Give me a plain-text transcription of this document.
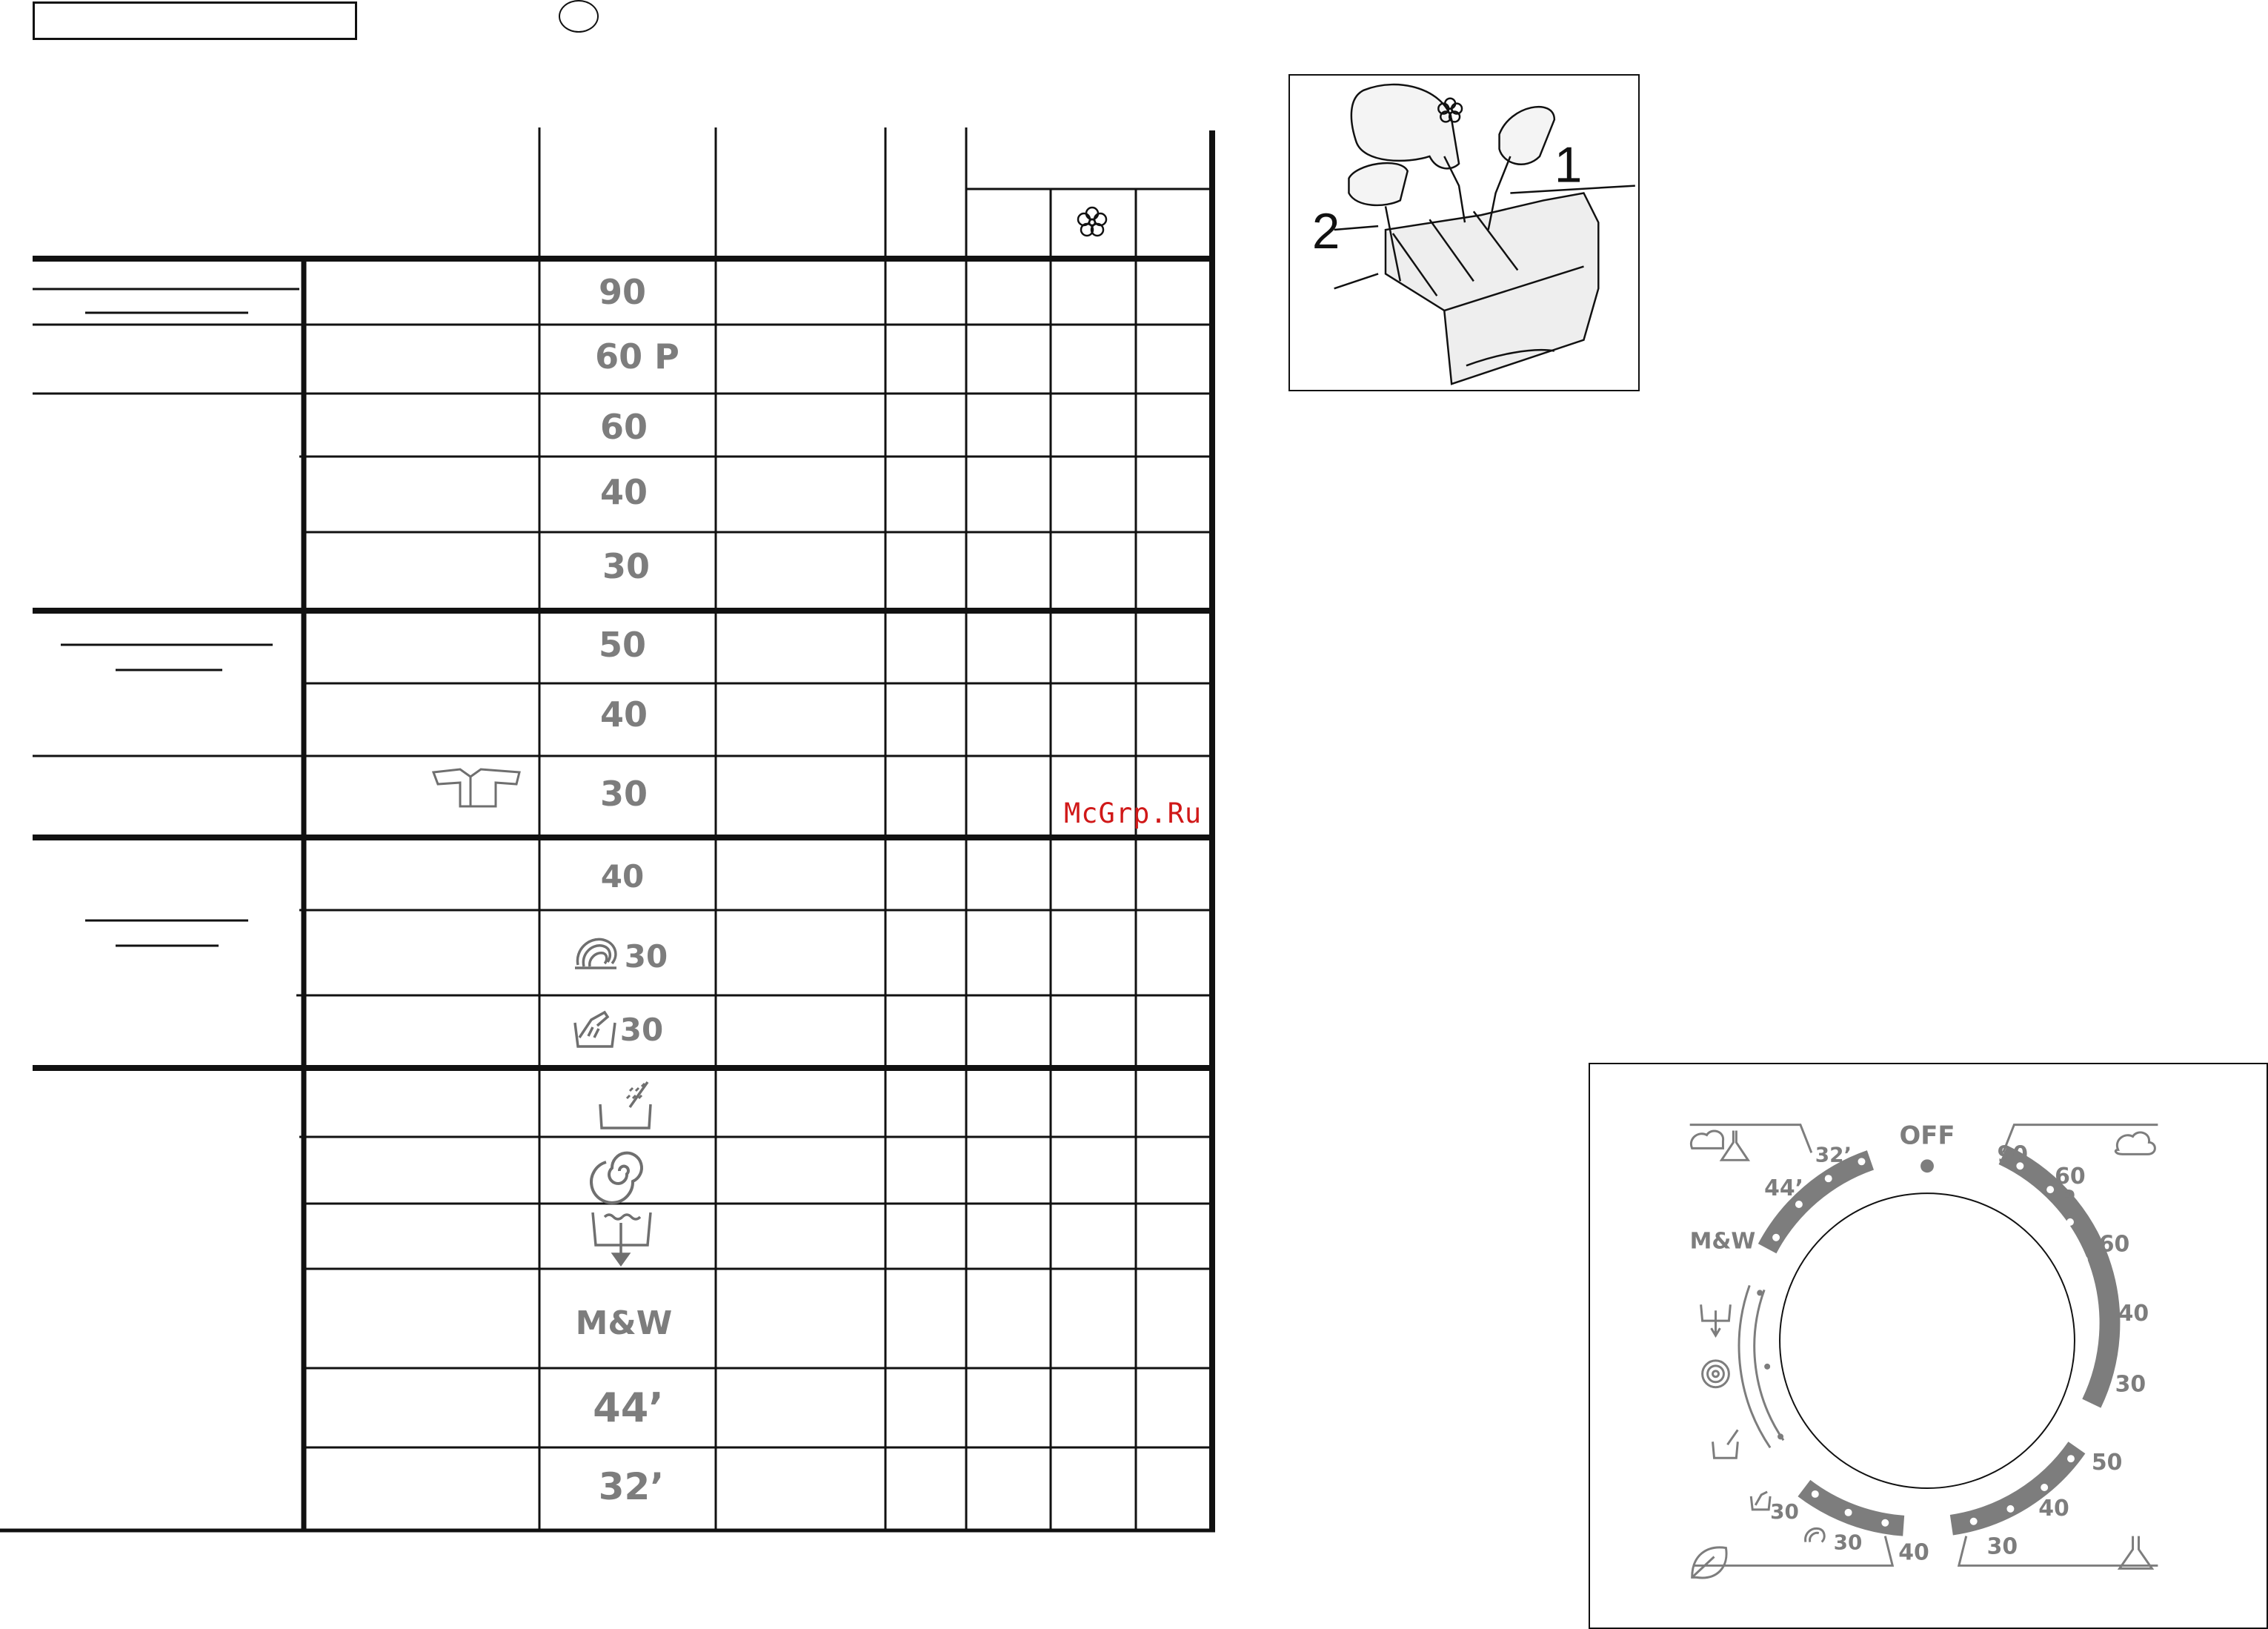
90
60 P
60
40
30
50
40
30
40
30
30
M&W
44’
32’
McGrp.Ru
1
2
OFF
90
60
P
60
40
30
50
40
30
32’
44’
M&W
30
30 40
